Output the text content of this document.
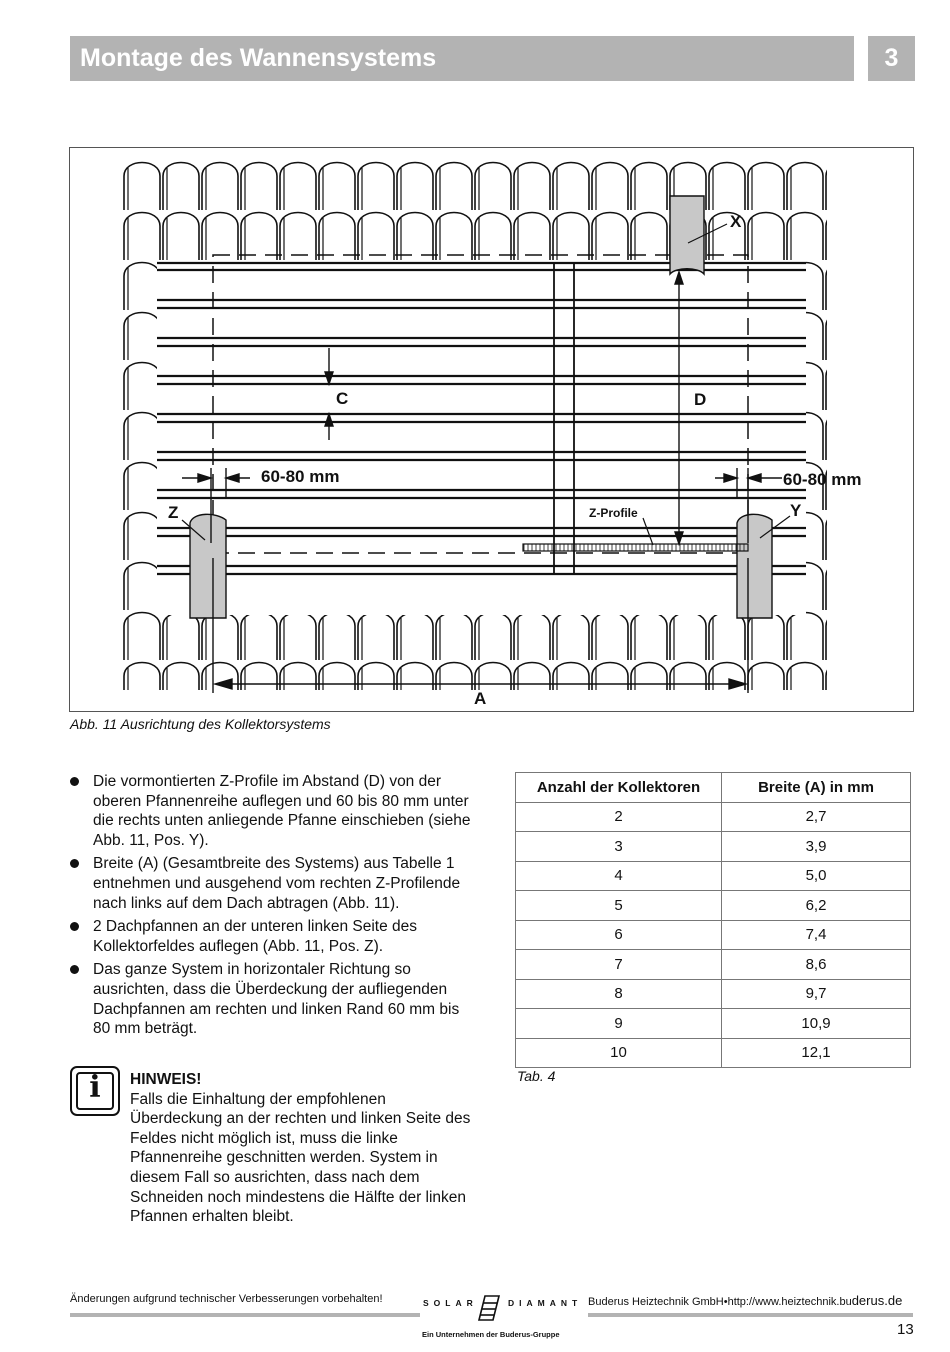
Montage des Wannensystems	3
X
C	D
60-80 mm	60-80 mm
Z	Y
Z-Profile
A
Abb. 11 Ausrichtung des Kollektorsystems
Die vormontierten Z-Profile im Abstand (D) von der oberen Pfannenreihe auflegen und 60 bis 80 mm unter die rechts unten anliegende Pfanne einschieben (siehe Abb. 11, Pos. Y).
Breite (A) (Gesamtbreite des Systems) aus Tabelle 1 entnehmen und ausgehend vom rechten Z-Profilende nach links auf dem Dach abtragen (Abb. 11).
2 Dachpfannen an der unteren linken Seite des Kollektorfeldes auflegen (Abb. 11, Pos. Z).
Das ganze System in horizontaler Richtung so ausrichten, dass die Überdeckung der aufliegenden Dachpfannen am rechten und linken Rand 60 mm bis 80 mm beträgt.
i	HINWEIS!
Falls die Einhaltung der empfohlenen Überdeckung an der rechten und linken Seite des Feldes nicht möglich ist, muss die linke Pfannenreihe geschnitten werden. System in diesem Fall so ausrichten, dass nach dem Schneiden noch mindestens die Hälfte der linken Pfannen erhalten bleibt.
Anzahl der Kollektoren	Breite (A) in mm
2	2,7
3	3,9
4	5,0
5	6,2
6	7,4
7	8,6
8	9,7
9	10,9
10	12,1
Tab. 4
Änderungen aufgrund technischer Verbesserungen vorbehalten!	SOLAR	DIAMANT
Ein Unternehmen der Buderus-Gruppe
Buderus Heiztechnik GmbH•http://www.heiztechnik.buderus.de
13
